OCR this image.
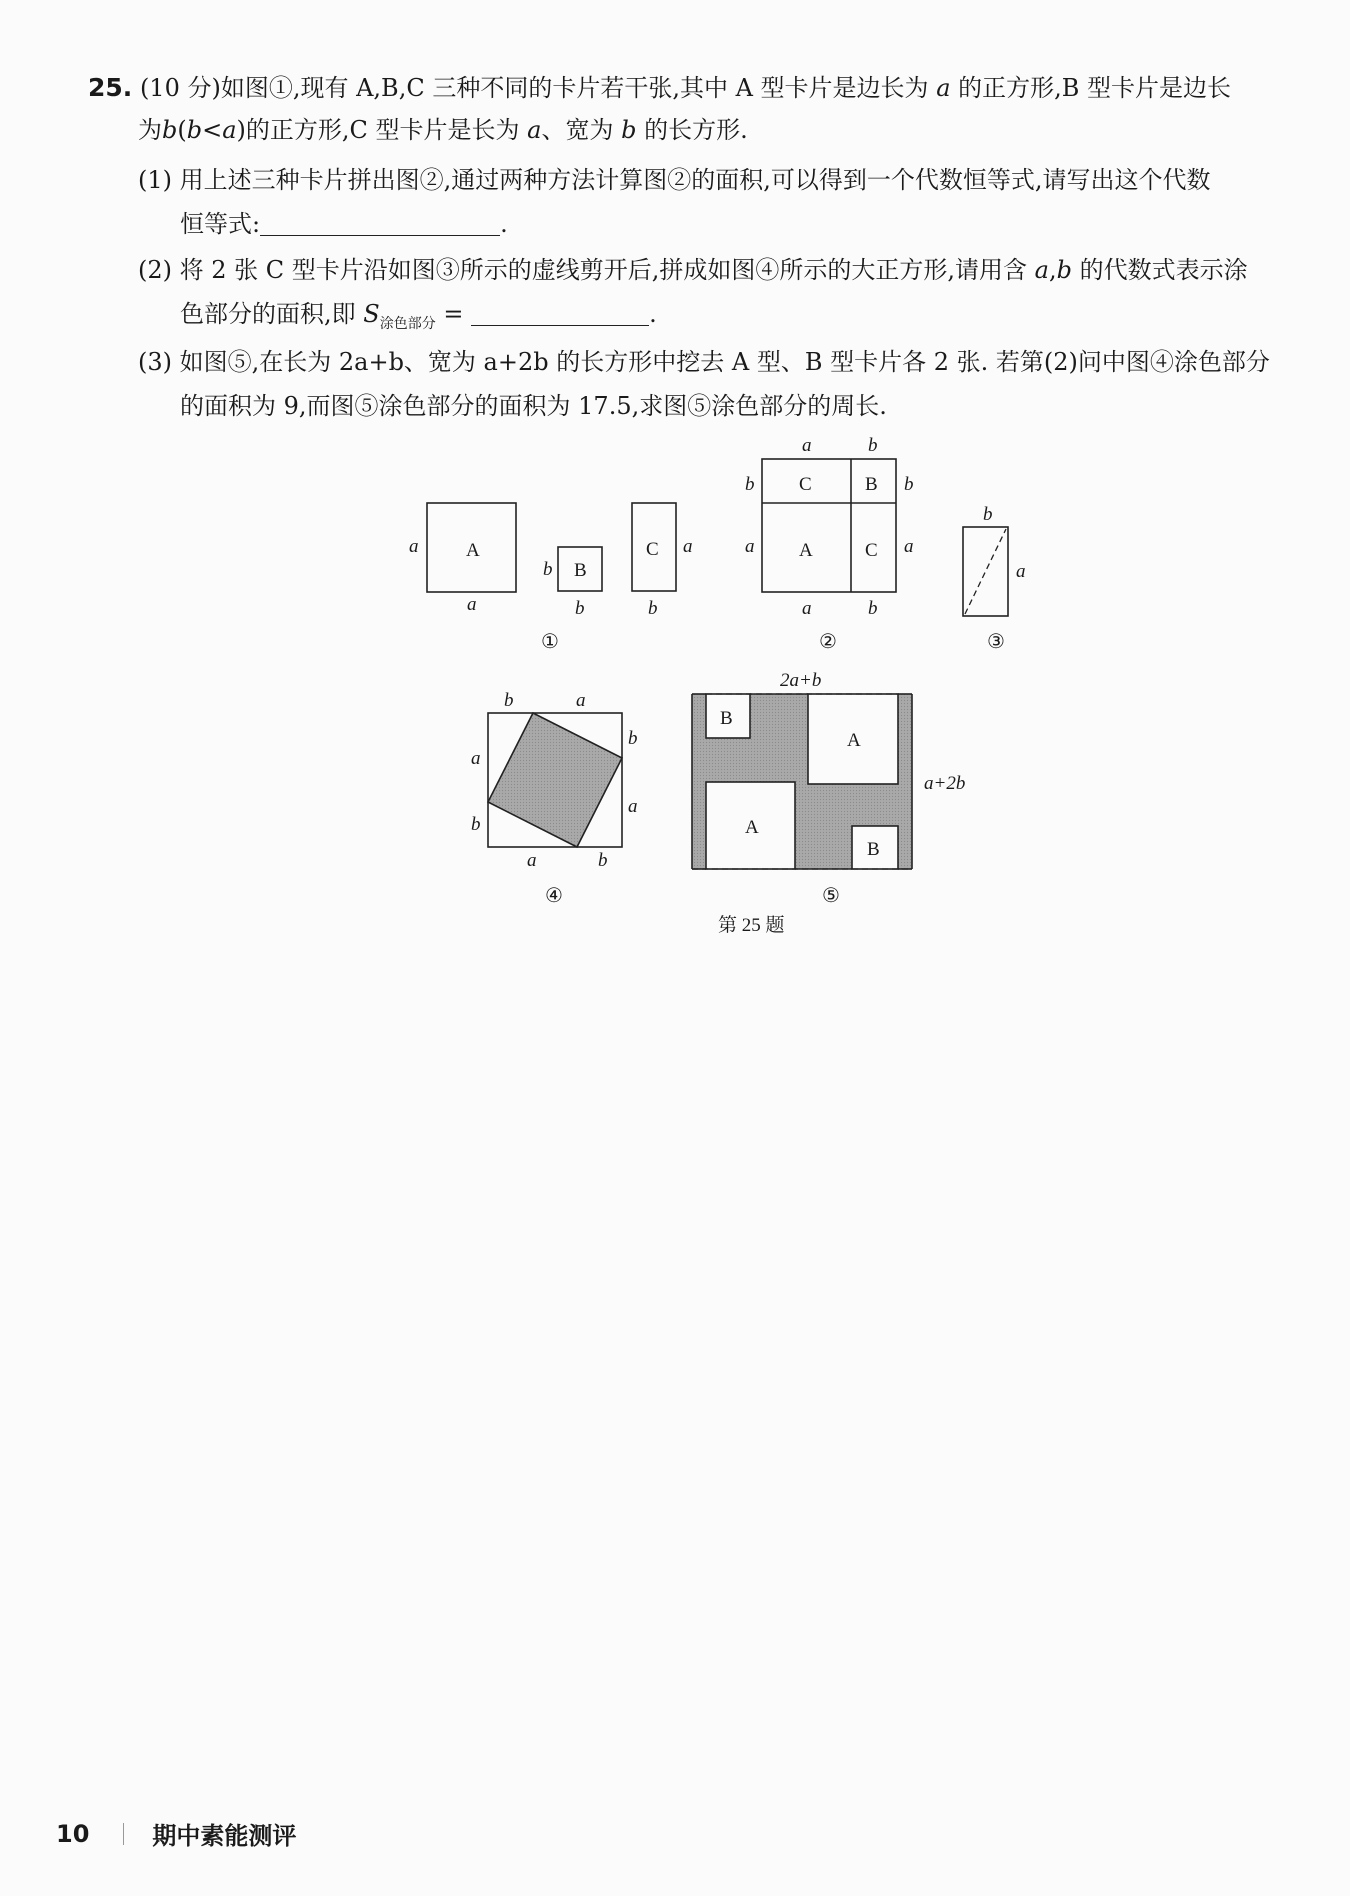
25. (10 分)如图①,现有 A,B,C 三种不同的卡片若干张,其中 A 型卡片是边长为 a 的正方形,B 型卡片是边长
为b(b<a)的正方形,C 型卡片是长为 a、宽为 b 的长方形.
(1) 用上述三种卡片拼出图②,通过两种方法计算图②的面积,可以得到一个代数恒等式,请写出这个代数
恒等式:	.
(2) 将 2 张 C 型卡片沿如图③所示的虚线剪开后,拼成如图④所示的大正方形,请用含 a,b 的代数式表示涂
色部分的面积,即 $S_{涂色部分}$ =	.
(3) 如图⑤,在长为 2a+b、宽为 a+2b 的长方形中挖去 A 型、B 型卡片各 2 张. 若第(2)问中图④涂色部分
的面积为 9,而图⑤涂色部分的面积为 17.5,求图⑤涂色部分的周长.
A
B
C
a
a
b
b
a
b
①
C	B
A	C
a	b
b
a
b
a
a	b
②
b
a
③
b	a
a
b
b
a
a	b
④
B
A
A
B
2a+b
a+2b
⑤
第 25 题
10	期中素能测评
